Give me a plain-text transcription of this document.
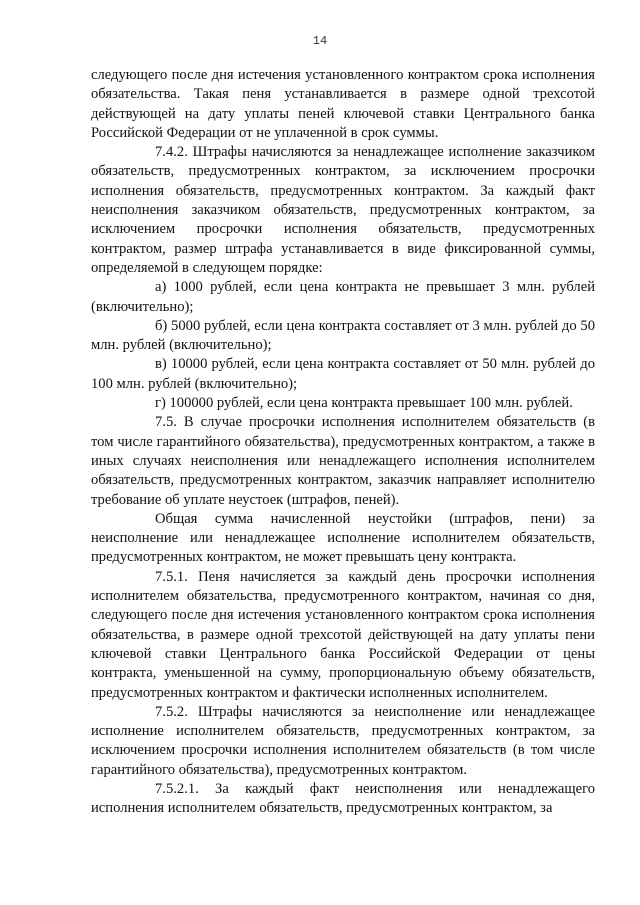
14

следующего после дня истечения установленного контрактом срока исполнения обязательства. Такая пеня устанавливается в размере одной трехсотой действующей на дату уплаты пеней ключевой ставки Центрального банка Российской Федерации от не уплаченной в срок суммы.

7.4.2. Штрафы начисляются за ненадлежащее исполнение заказчиком обязательств, предусмотренных контрактом, за исключением просрочки исполнения обязательств, предусмотренных контрактом. За каждый факт неисполнения заказчиком обязательств, предусмотренных контрактом, за исключением просрочки исполнения обязательств, предусмотренных контрактом, размер штрафа устанавливается в виде фиксированной суммы, определяемой в следующем порядке:

а) 1000 рублей, если цена контракта не превышает 3 млн. рублей (включительно);

б) 5000 рублей, если цена контракта составляет от 3 млн. рублей до 50 млн. рублей (включительно);

в) 10000 рублей, если цена контракта составляет от 50 млн. рублей до 100 млн. рублей (включительно);

г) 100000 рублей, если цена контракта превышает 100 млн. рублей.

7.5. В случае просрочки исполнения исполнителем обязательств (в том числе гарантийного обязательства), предусмотренных контрактом, а также в иных случаях неисполнения или ненадлежащего исполнения исполнителем обязательств, предусмотренных контрактом, заказчик направляет исполнителю требование об уплате неустоек (штрафов, пеней).

Общая сумма начисленной неустойки (штрафов, пени) за неисполнение или ненадлежащее исполнение исполнителем обязательств, предусмотренных контрактом, не может превышать цену контракта.

7.5.1. Пеня начисляется за каждый день просрочки исполнения исполнителем обязательства, предусмотренного контрактом, начиная со дня, следующего после дня истечения установленного контрактом срока исполнения обязательства, в размере одной трехсотой действующей на дату уплаты пени ключевой ставки Центрального банка Российской Федерации от цены контракта, уменьшенной на сумму, пропорциональную объему обязательств, предусмотренных контрактом и фактически исполненных исполнителем.

7.5.2. Штрафы начисляются за неисполнение или ненадлежащее исполнение исполнителем обязательств, предусмотренных контрактом, за исключением просрочки исполнения исполнителем обязательств (в том числе гарантийного обязательства), предусмотренных контрактом.

7.5.2.1. За каждый факт неисполнения или ненадлежащего исполнения исполнителем обязательств, предусмотренных контрактом, за
